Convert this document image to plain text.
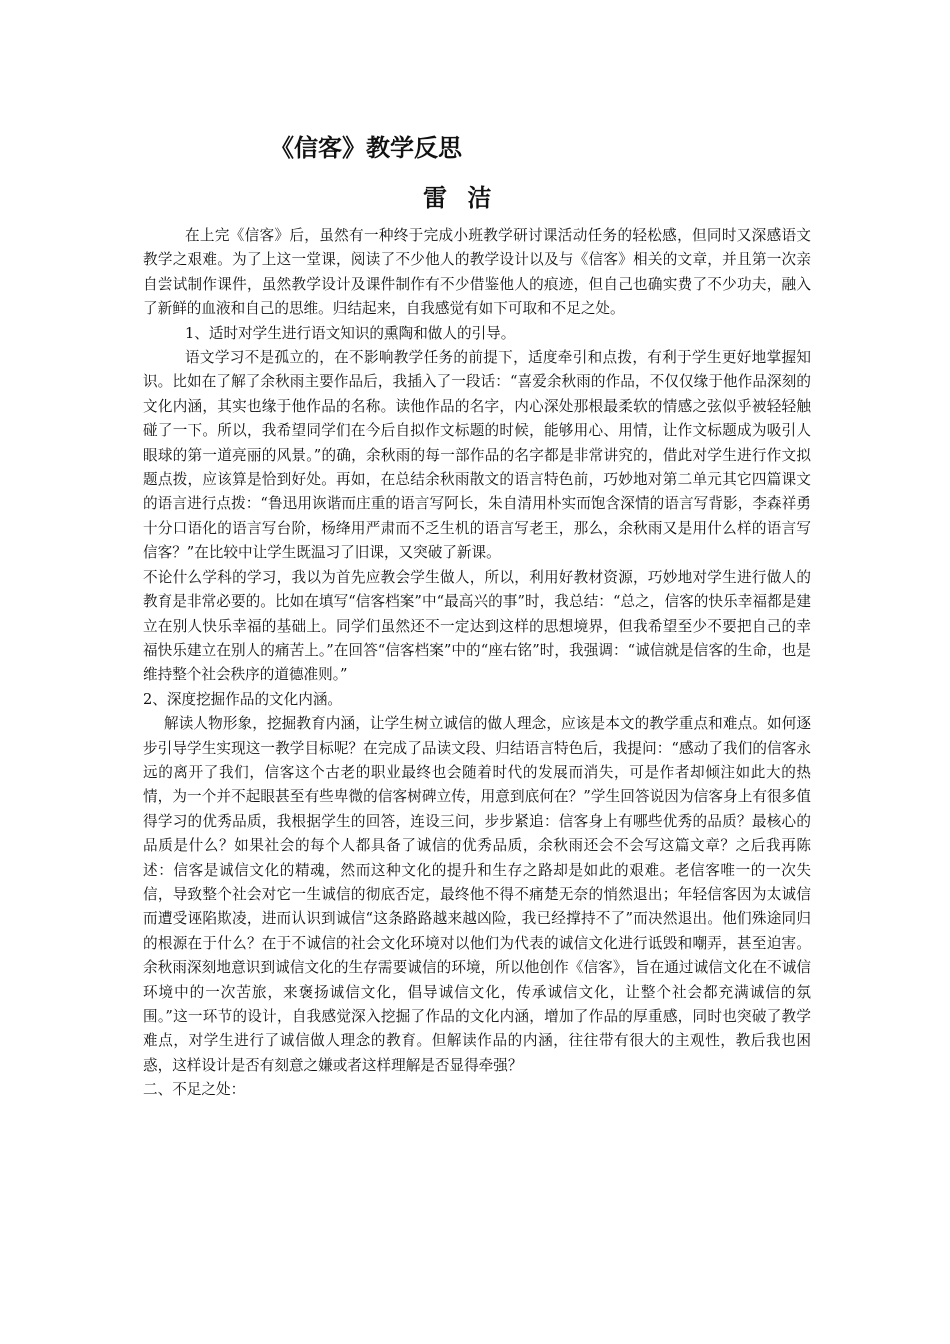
《信客》教学反思
雷 洁

在上完《信客》后，虽然有一种终于完成小班教学研讨课活动任务的轻松感，但同时又深感语文教学之艰难。为了上这一堂课，阅读了不少他人的教学设计以及与《信客》相关的文章，并且第一次亲自尝试制作课件，虽然教学设计及课件制作有不少借鉴他人的痕迹，但自己也确实费了不少功夫，融入了新鲜的血液和自己的思维。归结起来，自我感觉有如下可取和不足之处。

1、适时对学生进行语文知识的熏陶和做人的引导。

语文学习不是孤立的，在不影响教学任务的前提下，适度牵引和点拨，有利于学生更好地掌握知识。比如在了解了余秋雨主要作品后，我插入了一段话：“喜爱余秋雨的作品，不仅仅缘于他作品深刻的文化内涵，其实也缘于他作品的名称。读他作品的名字，内心深处那根最柔软的情感之弦似乎被轻轻触碰了一下。所以，我希望同学们在今后自拟作文标题的时候，能够用心、用情，让作文标题成为吸引人眼球的第一道亮丽的风景。”的确，余秋雨的每一部作品的名字都是非常讲究的，借此对学生进行作文拟题点拨，应该算是恰到好处。再如，在总结余秋雨散文的语言特色前，巧妙地对第二单元其它四篇课文的语言进行点拨：“鲁迅用诙谐而庄重的语言写阿长，朱自清用朴实而饱含深情的语言写背影，李森祥勇十分口语化的语言写台阶，杨绛用严肃而不乏生机的语言写老王，那么，余秋雨又是用什么样的语言写信客？”在比较中让学生既温习了旧课，又突破了新课。

不论什么学科的学习，我以为首先应教会学生做人，所以，利用好教材资源，巧妙地对学生进行做人的教育是非常必要的。比如在填写“信客档案”中“最高兴的事”时，我总结：“总之，信客的快乐幸福都是建立在别人快乐幸福的基础上。同学们虽然还不一定达到这样的思想境界，但我希望至少不要把自己的幸福快乐建立在别人的痛苦上。”在回答“信客档案”中的“座右铭”时，我强调：“诚信就是信客的生命，也是维持整个社会秩序的道德准则。”

2、深度挖掘作品的文化内涵。

解读人物形象，挖掘教育内涵，让学生树立诚信的做人理念，应该是本文的教学重点和难点。如何逐步引导学生实现这一教学目标呢？在完成了品读文段、归结语言特色后，我提问：“感动了我们的信客永远的离开了我们，信客这个古老的职业最终也会随着时代的发展而消失，可是作者却倾注如此大的热情，为一个并不起眼甚至有些卑微的信客树碑立传，用意到底何在？”学生回答说因为信客身上有很多值得学习的优秀品质，我根据学生的回答，连设三问，步步紧追：信客身上有哪些优秀的品质？最核心的品质是什么？如果社会的每个人都具备了诚信的优秀品质，余秋雨还会不会写这篇文章？之后我再陈述：信客是诚信文化的精魂，然而这种文化的提升和生存之路却是如此的艰难。老信客唯一的一次失信，导致整个社会对它一生诚信的彻底否定，最终他不得不痛楚无奈的悄然退出；年轻信客因为太诚信而遭受诬陷欺凌，进而认识到诚信“这条路路越来越凶险，我已经撑持不了”而决然退出。他们殊途同归的根源在于什么？在于不诚信的社会文化环境对以他们为代表的诚信文化进行诋毁和嘲弄，甚至迫害。余秋雨深刻地意识到诚信文化的生存需要诚信的环境，所以他创作《信客》，旨在通过诚信文化在不诚信环境中的一次苦旅，来褒扬诚信文化，倡导诚信文化，传承诚信文化，让整个社会都充满诚信的氛围。”这一环节的设计，自我感觉深入挖掘了作品的文化内涵，增加了作品的厚重感，同时也突破了教学难点，对学生进行了诚信做人理念的教育。但解读作品的内涵，往往带有很大的主观性，教后我也困惑，这样设计是否有刻意之嫌或者这样理解是否显得牵强？

二、不足之处：
